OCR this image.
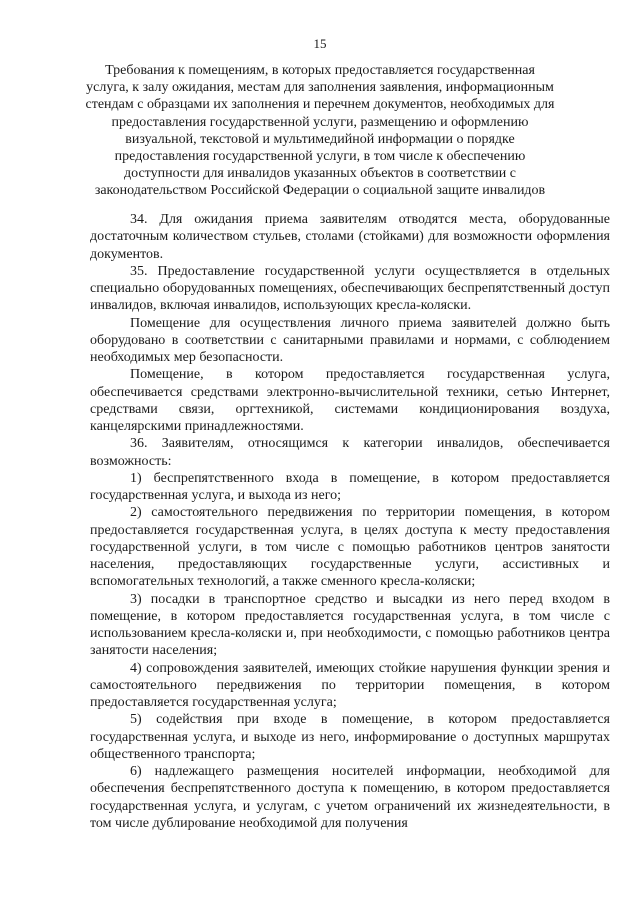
15
Требования к помещениям, в которых предоставляется государственная услуга, к залу ожидания, местам для заполнения заявления, информационным стендам с образцами их заполнения и перечнем документов, необходимых для предоставления государственной услуги, размещению и оформлению визуальной, текстовой и мультимедийной информации о порядке предоставления государственной услуги, в том числе к обеспечению доступности для инвалидов указанных объектов в соответствии с законодательством Российской Федерации о социальной защите инвалидов

34. Для ожидания приема заявителям отводятся места, оборудованные достаточным количеством стульев, столами (стойками) для возможности оформления документов.

35. Предоставление государственной услуги осуществляется в отдельных специально оборудованных помещениях, обеспечивающих беспрепятственный доступ инвалидов, включая инвалидов, использующих кресла-коляски.

Помещение для осуществления личного приема заявителей должно быть оборудовано в соответствии с санитарными правилами и нормами, с соблюдением необходимых мер безопасности.

Помещение, в котором предоставляется государственная услуга, обеспечивается средствами электронно-вычислительной техники, сетью Интернет, средствами связи, оргтехникой, системами кондиционирования воздуха, канцелярскими принадлежностями.

36. Заявителям, относящимся к категории инвалидов, обеспечивается возможность:

1) беспрепятственного входа в помещение, в котором предоставляется государственная услуга, и выхода из него;

2) самостоятельного передвижения по территории помещения, в котором предоставляется государственная услуга, в целях доступа к месту предоставления государственной услуги, в том числе с помощью работников центров занятости населения, предоставляющих государственные услуги, ассистивных и вспомогательных технологий, а также сменного кресла-коляски;

3) посадки в транспортное средство и высадки из него перед входом в помещение, в котором предоставляется государственная услуга, в том числе с использованием кресла-коляски и, при необходимости, с помощью работников центра занятости населения;

4) сопровождения заявителей, имеющих стойкие нарушения функции зрения и самостоятельного передвижения по территории помещения, в котором предоставляется государственная услуга;

5) содействия при входе в помещение, в котором предоставляется государственная услуга, и выходе из него, информирование о доступных маршрутах общественного транспорта;

6) надлежащего размещения носителей информации, необходимой для обеспечения беспрепятственного доступа к помещению, в котором предоставляется государственная услуга, и услугам, с учетом ограничений их жизнедеятельности, в том числе дублирование необходимой для получения
